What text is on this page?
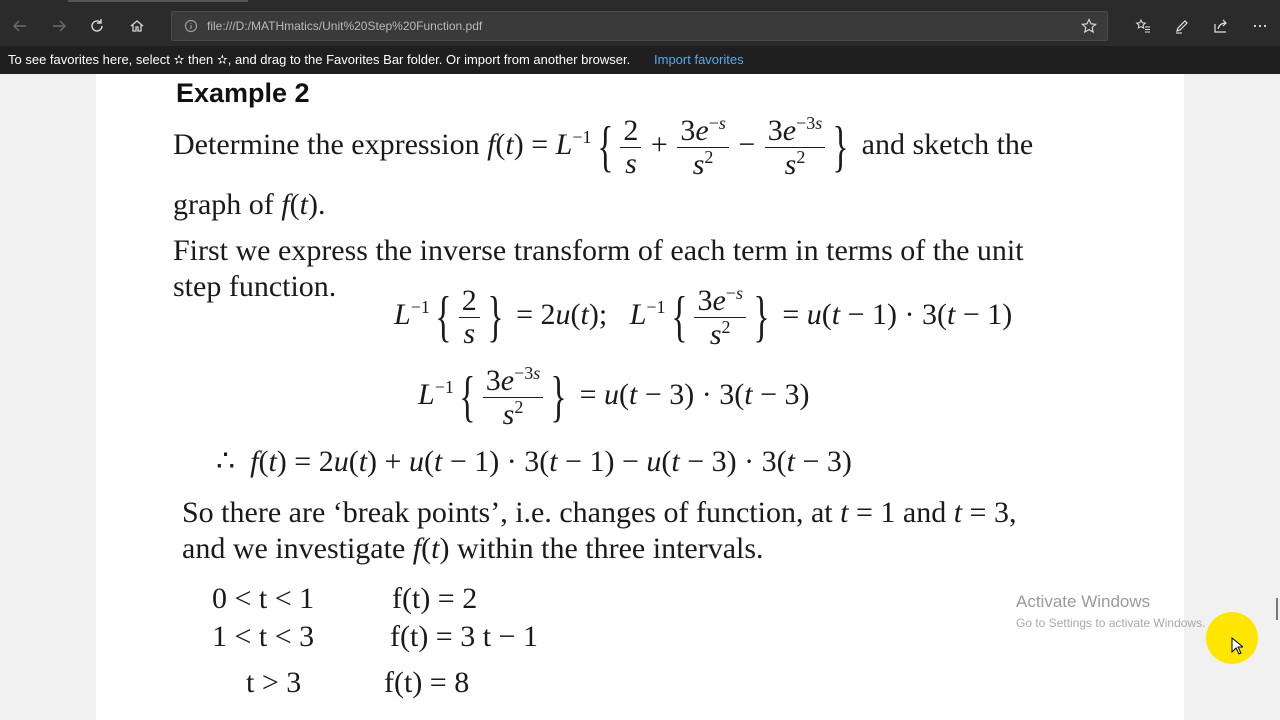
file:///D:/MATHmatics/Unit%20Step%20Function.pdf
To see favorites here, select ✫ then ✫, and drag to the Favorites Bar folder. Or import from another browser. Import favorites
Example 2
Determine the expression $f(t) = L^{-1}\{ \frac{2}{s} + \frac{3e^{-s}}{s^2} - \frac{3e^{-3s}}{s^2}$ } and sketch the
graph of f(t).
First we express the inverse transform of each term in terms of the unit
step function.
$L^{-1}\{ \frac{2}{s}$ } = 2u(t);   $L^{-1}\{ \frac{3e^{-s}}{s^2}$ } = u(t − 1) · 3(t − 1)
$L^{-1}\{ \frac{3e^{-3s}}{s^2}$ } = u(t − 3) · 3(t − 3)
∴  f(t) = 2u(t) + u(t − 1) · 3(t − 1) − u(t − 3) · 3(t − 3)
So there are ‘break points’, i.e. changes of function, at t = 1 and t = 3,
and we investigate f(t) within the three intervals.
0 < t < 1	f(t) = 2
1 < t < 3	f(t) = 3 t − 1
t > 3	f(t) = 8
Activate Windows
Go to Settings to activate Windows.
